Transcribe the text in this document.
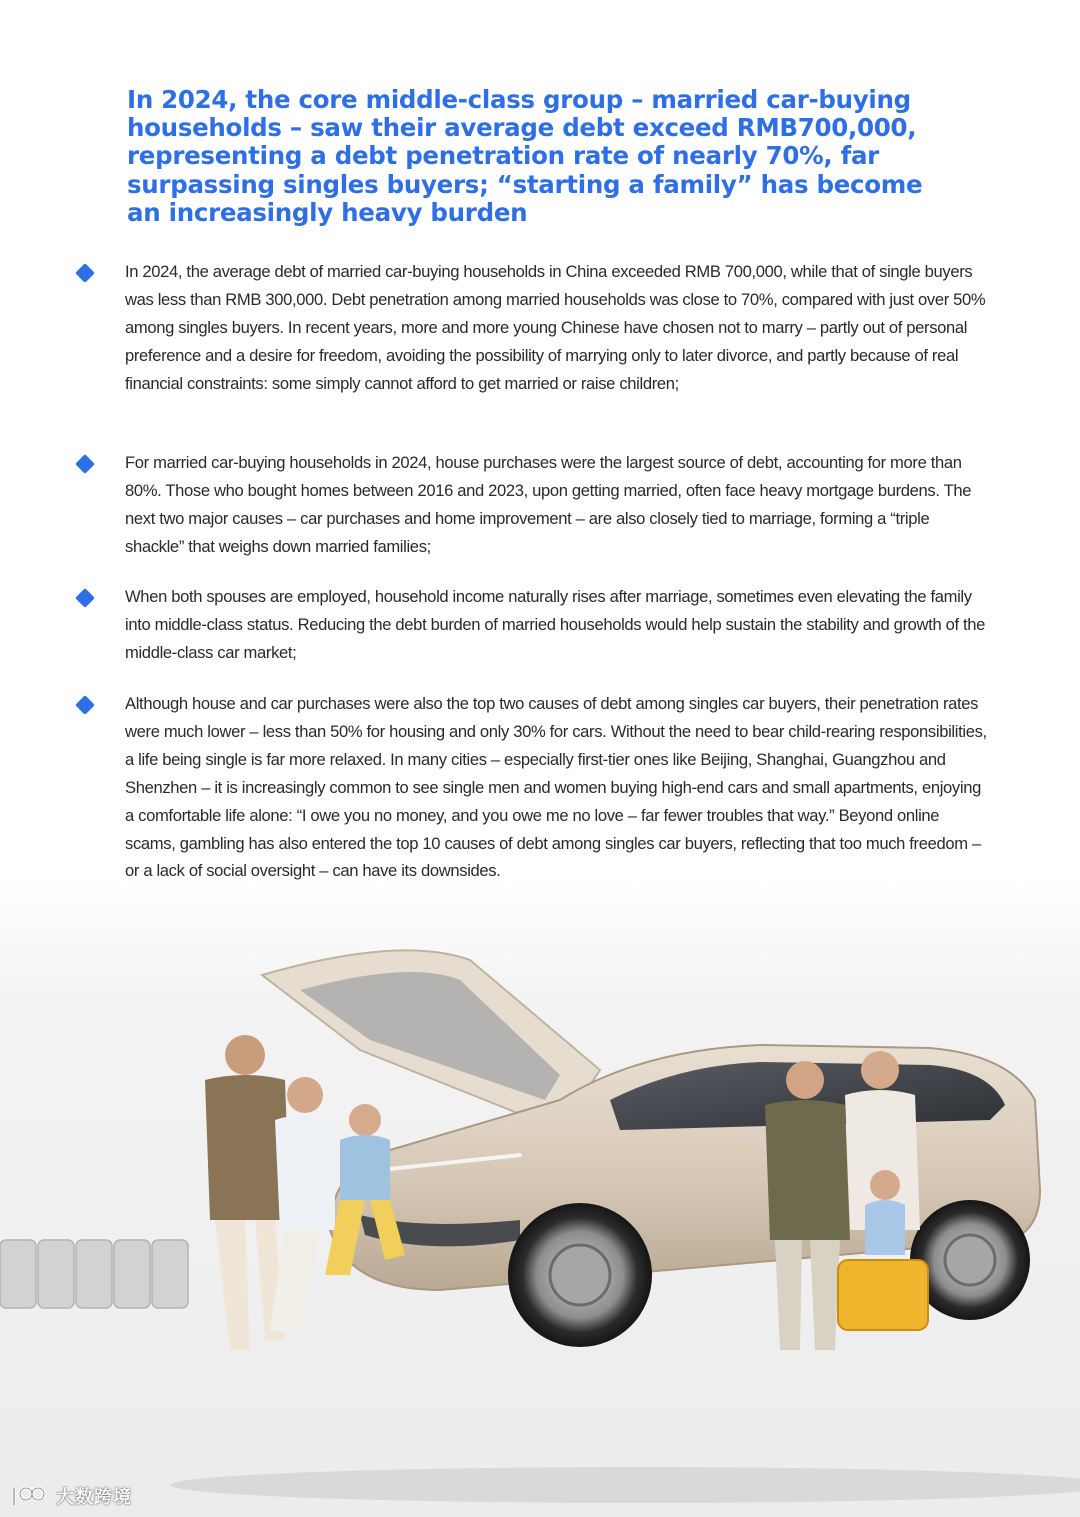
In 2024, the core middle-class group – married car-buying households – saw their average debt exceed RMB700,000, representing a debt penetration rate of nearly 70%, far surpassing singles buyers; “starting a family” has become an increasingly heavy burden

In 2024, the average debt of married car-buying households in China exceeded RMB 700,000, while that of single buyers was less than RMB 300,000. Debt penetration among married households was close to 70%, compared with just over 50% among singles buyers. In recent years, more and more young Chinese have chosen not to marry – partly out of personal preference and a desire for freedom, avoiding the possibility of marrying only to later divorce, and partly because of real financial constraints: some simply cannot afford to get married or raise children;

For married car-buying households in 2024, house purchases were the largest source of debt, accounting for more than 80%. Those who bought homes between 2016 and 2023, upon getting married, often face heavy mortgage burdens. The next two major causes – car purchases and home improvement – are also closely tied to marriage, forming a “triple shackle” that weighs down married families;

When both spouses are employed, household income naturally rises after marriage, sometimes even elevating the family into middle-class status. Reducing the debt burden of married households would help sustain the stability and growth of the middle-class car market;

Although house and car purchases were also the top two causes of debt among singles car buyers, their penetration rates were much lower – less than 50% for housing and only 30% for cars. Without the need to bear child-rearing responsibilities, a life being single is far more relaxed. In many cities – especially first-tier ones like Beijing, Shanghai, Guangzhou and Shenzhen – it is increasingly common to see single men and women buying high-end cars and small apartments, enjoying a comfortable life alone: “I owe you no money, and you owe me no love – far fewer troubles that way.” Beyond online scams, gambling has also entered the top 10 causes of debt among singles car buyers, reflecting that too much freedom – or a lack of social oversight – can have its downsides.

大数跨境
